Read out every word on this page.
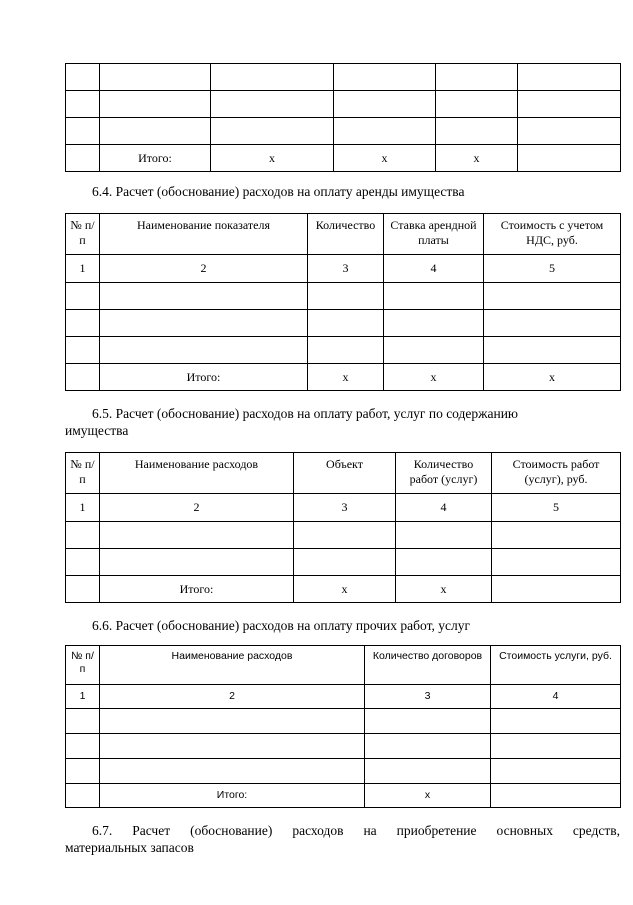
	Итого:	x	x	x	

6.4. Расчет (обоснование) расходов на оплату аренды имущества

№ п/п	Наименование показателя	Количество	Ставка арендной платы	Стоимость с учетом НДС, руб.
1	2	3	4	5

	Итого:	x	x	x

6.5. Расчет (обоснование) расходов на оплату работ, услуг по содержанию
имущества

№ п/п	Наименование расходов	Объект	Количество работ (услуг)	Стоимость работ (услуг), руб.
1	2	3	4	5

	Итого:	x	x	

6.6. Расчет (обоснование) расходов на оплату прочих работ, услуг

№ п/п	Наименование расходов	Количество договоров	Стоимость услуги, руб.
1	2	3	4

	Итого:	x	

6.7. Расчет (обоснование) расходов на приобретение основных средств,
материальных запасов
